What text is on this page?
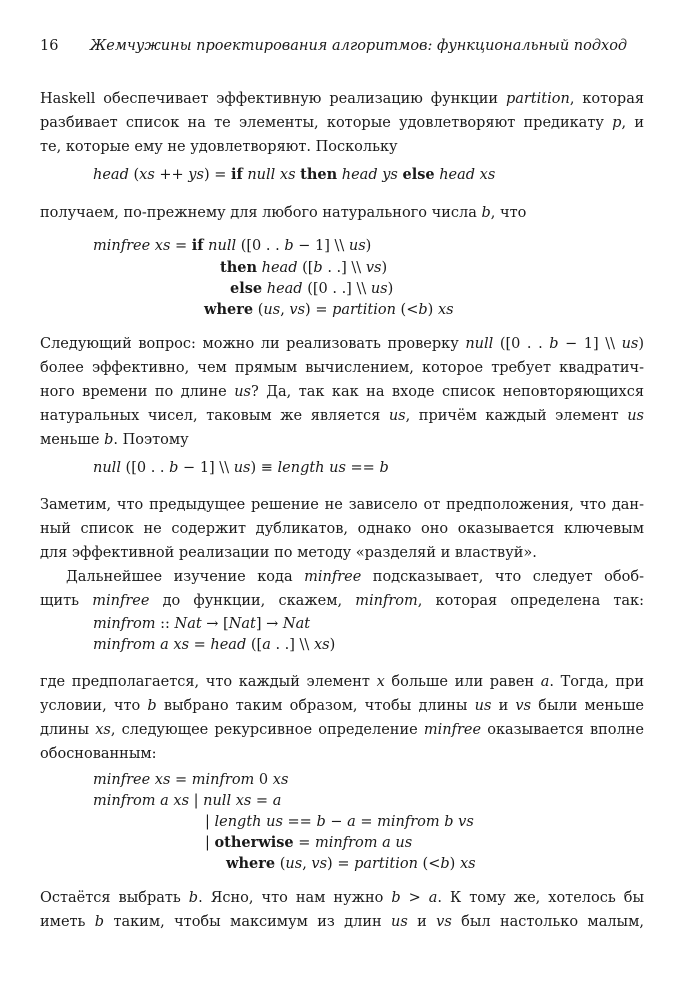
16 Жемчужины проектирования алгоритмов: функциональный подход
Haskell обеспечивает эффективную реализацию функции partition, которая
разбивает список на те элементы, которые удовлетворяют предикату p, и
те, которые ему не удовлетворяют. Поскольку
head (xs ++ ys) = if null xs then head ys else head xs
получаем, по-прежнему для любого натурального числа b, что
minfree xs = if null ([0 . . b − 1] \\ us)
then head ([b . .] \\ vs)
else head ([0 . .] \\ us)
where (us, vs) = partition (<b) xs
Следующий вопрос: можно ли реализовать проверку null ([0 . . b − 1] \\ us)
более эффективно, чем прямым вычислением, которое требует квадратич-
ного времени по длине us? Да, так как на входе список неповторяющихся
натуральных чисел, таковым же является us, причём каждый элемент us
меньше b. Поэтому
null ([0 . . b − 1] \\ us) ≡ length us == b
Заметим, что предыдущее решение не зависело от предположения, что дан-
ный список не содержит дубликатов, однако оно оказывается ключевым
для эффективной реализации по методу «разделяй и властвуй».
Дальнейшее изучение кода minfree подсказывает, что следует обоб-
щить minfree до функции, скажем, minfrom, которая определена так:
minfrom :: Nat → [Nat] → Nat
minfrom a xs = head ([a . .] \\ xs)
где предполагается, что каждый элемент x больше или равен a. Тогда, при
условии, что b выбрано таким образом, чтобы длины us и vs были меньше
длины xs, следующее рекурсивное определение minfree оказывается вполне
обоснованным:
minfree xs = minfrom 0 xs
minfrom a xs | null xs = a
| length us == b − a = minfrom b vs
| otherwise = minfrom a us
where (us, vs) = partition (<b) xs
Остаётся выбрать b. Ясно, что нам нужно b > a. К тому же, хотелось бы
иметь b таким, чтобы максимум из длин us и vs был настолько малым,
